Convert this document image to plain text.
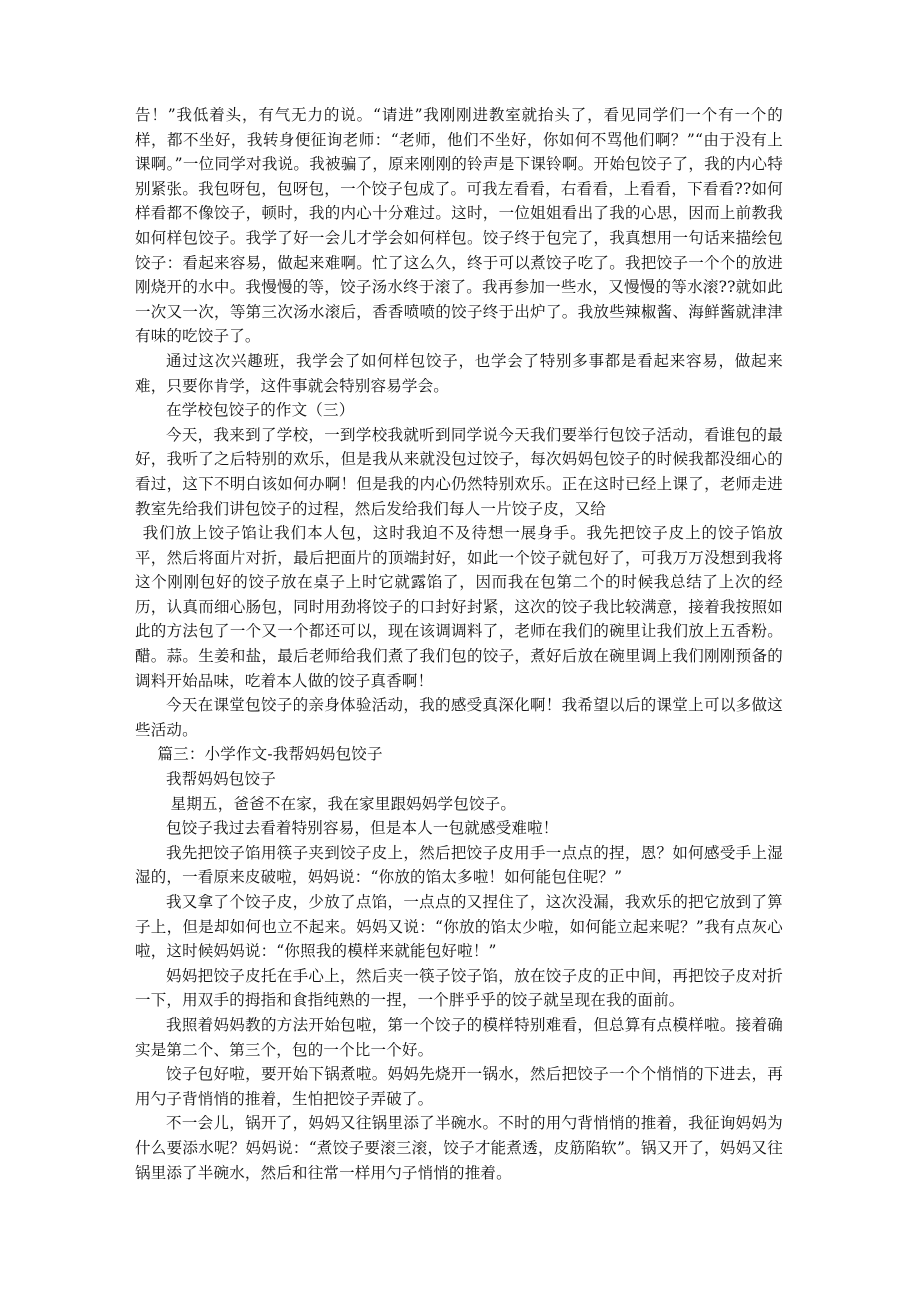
告！”我低着头，有气无力的说。“请进”我刚刚进教室就抬头了，看见同学们一个有一个的样，都不坐好，我转身便征询老师：“老师，他们不坐好，你如何不骂他们啊？”“由于没有上课啊。”一位同学对我说。我被骗了，原来刚刚的铃声是下课铃啊。开始包饺子了，我的内心特别紧张。我包呀包，包呀包，一个饺子包成了。可我左看看，右看看，上看看，下看看??如何样看都不像饺子，顿时，我的内心十分难过。这时，一位姐姐看出了我的心思，因而上前教我如何样包饺子。我学了好一会儿才学会如何样包。饺子终于包完了，我真想用一句话来描绘包饺子：看起来容易，做起来难啊。忙了这么久，终于可以煮饺子吃了。我把饺子一个个的放进刚烧开的水中。我慢慢的等，饺子汤水终于滚了。我再参加一些水，又慢慢的等水滚??就如此一次又一次，等第三次汤水滚后，香香喷喷的饺子终于出炉了。我放些辣椒酱、海鲜酱就津津有味的吃饺子了。

通过这次兴趣班，我学会了如何样包饺子，也学会了特别多事都是看起来容易，做起来难，只要你肯学，这件事就会特别容易学会。

在学校包饺子的作文（三）

今天，我来到了学校，一到学校我就听到同学说今天我们要举行包饺子活动，看谁包的最好，我听了之后特别的欢乐，但是我从来就没包过饺子，每次妈妈包饺子的时候我都没细心的看过，这下不明白该如何办啊！但是我的内心仍然特别欢乐。正在这时已经上课了，老师走进教室先给我们讲包饺子的过程，然后发给我们每人一片饺子皮，又给

我们放上饺子馅让我们本人包，这时我迫不及待想一展身手。我先把饺子皮上的饺子馅放平，然后将面片对折，最后把面片的顶端封好，如此一个饺子就包好了，可我万万没想到我将这个刚刚包好的饺子放在桌子上时它就露馅了，因而我在包第二个的时候我总结了上次的经历，认真而细心肠包，同时用劲将饺子的口封好封紧，这次的饺子我比较满意，接着我按照如此的方法包了一个又一个都还可以，现在该调调料了，老师在我们的碗里让我们放上五香粉。醋。蒜。生姜和盐，最后老师给我们煮了我们包的饺子，煮好后放在碗里调上我们刚刚预备的调料开始品味，吃着本人做的饺子真香啊！

今天在课堂包饺子的亲身体验活动，我的感受真深化啊！我希望以后的课堂上可以多做这些活动。

篇三：小学作文-我帮妈妈包饺子

我帮妈妈包饺子

星期五，爸爸不在家，我在家里跟妈妈学包饺子。

包饺子我过去看着特别容易，但是本人一包就感受难啦！

我先把饺子馅用筷子夹到饺子皮上，然后把饺子皮用手一点点的捏，恩？如何感受手上湿湿的，一看原来皮破啦，妈妈说：“你放的馅太多啦！如何能包住呢？”

我又拿了个饺子皮，少放了点馅，一点点的又捏住了，这次没漏，我欢乐的把它放到了箅子上，但是却如何也立不起来。妈妈又说：“你放的馅太少啦，如何能立起来呢？”我有点灰心啦，这时候妈妈说：“你照我的模样来就能包好啦！”

妈妈把饺子皮托在手心上，然后夹一筷子饺子馅，放在饺子皮的正中间，再把饺子皮对折一下，用双手的拇指和食指纯熟的一捏，一个胖乎乎的饺子就呈现在我的面前。

我照着妈妈教的方法开始包啦，第一个饺子的模样特别难看，但总算有点模样啦。接着确实是第二个、第三个，包的一个比一个好。

饺子包好啦，要开始下锅煮啦。妈妈先烧开一锅水，然后把饺子一个个悄悄的下进去，再用勺子背悄悄的推着，生怕把饺子弄破了。

不一会儿，锅开了，妈妈又往锅里添了半碗水。不时的用勺背悄悄的推着，我征询妈妈为什么要添水呢？妈妈说：“煮饺子要滚三滚，饺子才能煮透，皮筋陷软”。锅又开了，妈妈又往锅里添了半碗水，然后和往常一样用勺子悄悄的推着。
